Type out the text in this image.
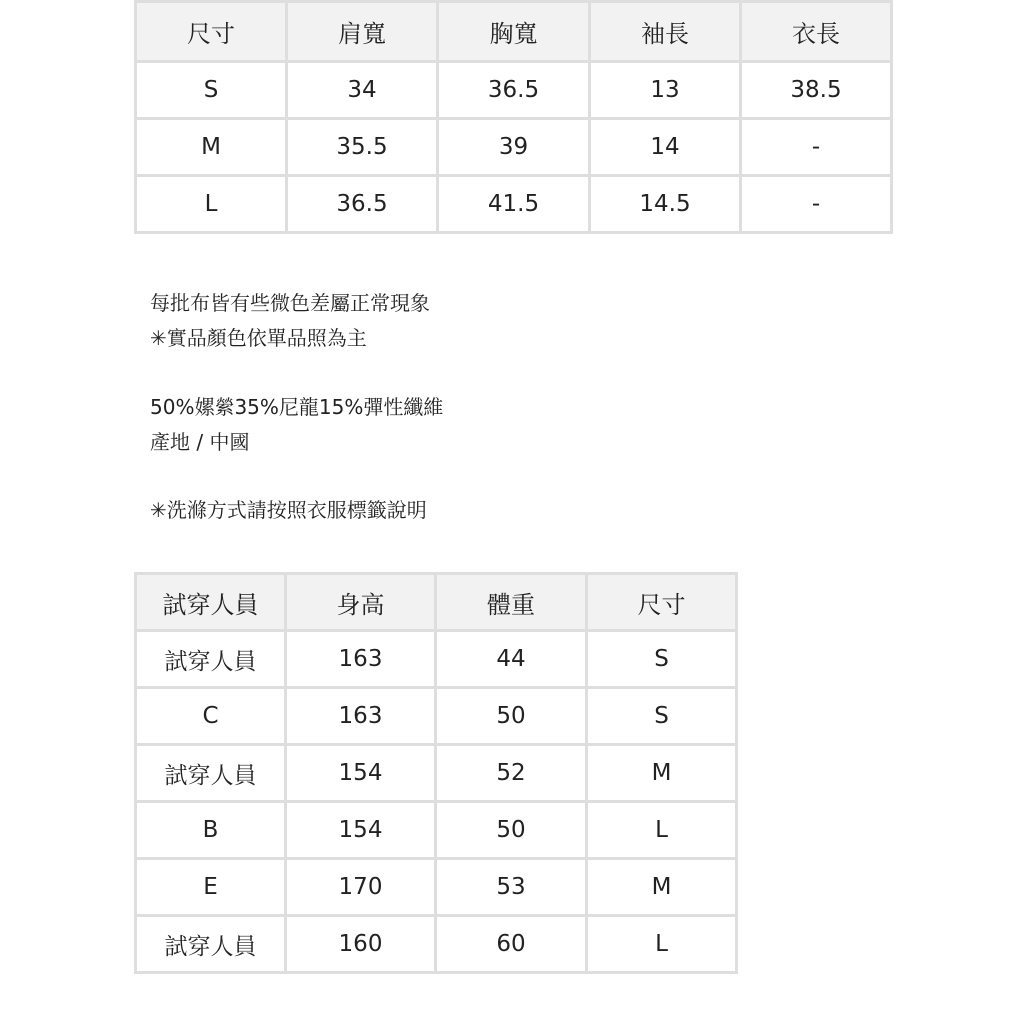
尺寸	肩寬	胸寬	袖長	衣長
S	34	36.5	13	38.5
M	35.5	39	14	-
L	36.5	41.5	14.5	-
每批布皆有些微色差屬正常現象
✳實品顏色依單品照為主
50%嫘縈35%尼龍15%彈性纖維
產地 / 中國
✳洗滌方式請按照衣服標籤說明
試穿人員	身高	體重	尺寸
試穿人員	163	44	S
C	163	50	S
試穿人員	154	52	M
B	154	50	L
E	170	53	M
試穿人員	160	60	L
